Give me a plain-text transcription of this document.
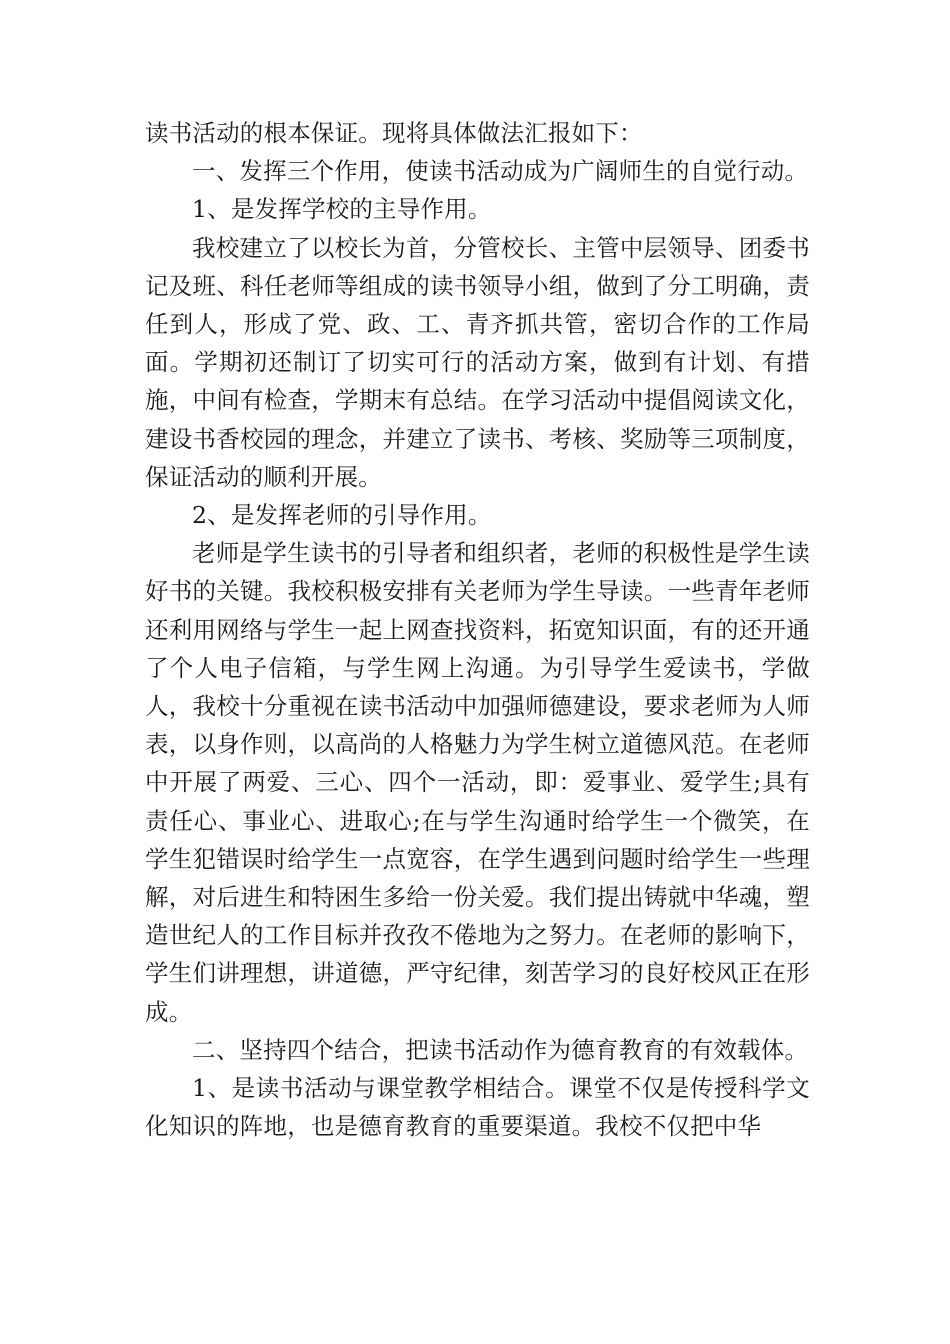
读书活动的根本保证。现将具体做法汇报如下：

一、发挥三个作用，使读书活动成为广阔师生的自觉行动。

1、是发挥学校的主导作用。

我校建立了以校长为首，分管校长、主管中层领导、团委书记及班、科任老师等组成的读书领导小组，做到了分工明确，责任到人，形成了党、政、工、青齐抓共管，密切合作的工作局面。学期初还制订了切实可行的活动方案，做到有计划、有措施，中间有检查，学期末有总结。在学习活动中提倡阅读文化，建设书香校园的理念，并建立了读书、考核、奖励等三项制度，保证活动的顺利开展。

2、是发挥老师的引导作用。

老师是学生读书的引导者和组织者，老师的积极性是学生读好书的关键。我校积极安排有关老师为学生导读。一些青年老师还利用网络与学生一起上网查找资料，拓宽知识面，有的还开通了个人电子信箱，与学生网上沟通。为引导学生爱读书，学做人，我校十分重视在读书活动中加强师德建设，要求老师为人师表，以身作则，以高尚的人格魅力为学生树立道德风范。在老师中开展了两爱、三心、四个一活动，即：爱事业、爱学生;具有责任心、事业心、进取心;在与学生沟通时给学生一个微笑，在学生犯错误时给学生一点宽容，在学生遇到问题时给学生一些理解，对后进生和特困生多给一份关爱。我们提出铸就中华魂，塑造世纪人的工作目标并孜孜不倦地为之努力。在老师的影响下，学生们讲理想，讲道德，严守纪律，刻苦学习的良好校风正在形成。

二、坚持四个结合，把读书活动作为德育教育的有效载体。

1、是读书活动与课堂教学相结合。课堂不仅是传授科学文化知识的阵地，也是德育教育的重要渠道。我校不仅把中华
